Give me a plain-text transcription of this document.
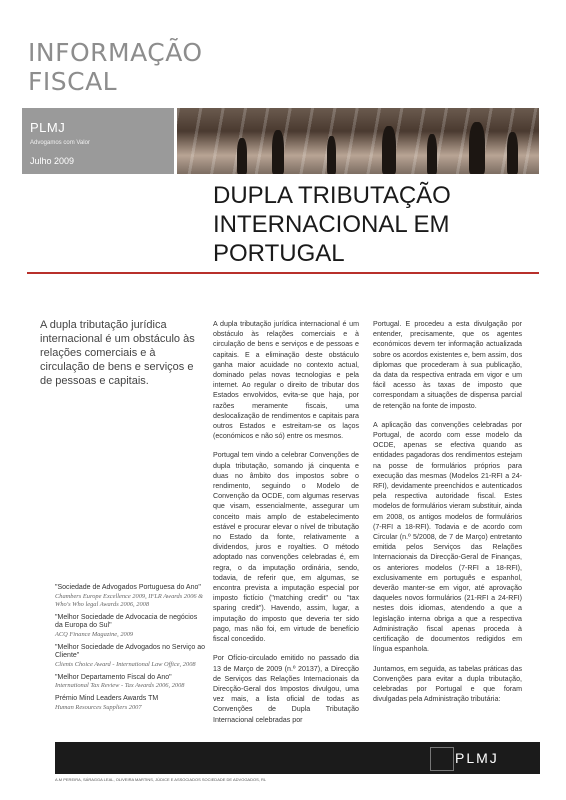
INFORMAÇÃO
FISCAL
PLMJ
Advogamos com Valor
Julho 2009
DUPLA TRIBUTAÇÃO INTERNACIONAL EM PORTUGAL
A dupla tributação jurídica internacional é um obstáculo às relações comerciais e à circulação de bens e serviços e de pessoas e capitais.

A dupla tributação jurídica internacional é um obstáculo às relações comerciais e à circulação de bens e serviços e de pessoas e capitais. E a eliminação deste obstáculo ganha maior acuidade no contexto actual, dominado pelas novas tecnologias e pela internet. Ao regular o direito de tributar dos Estados envolvidos, evita-se que haja, por razões meramente fiscais, uma deslocalização de rendimentos e capitais para outros Estados e estreitam-se os laços (económicos e não só) entre os mesmos.

Portugal tem vindo a celebrar Convenções de dupla tributação, somando já cinquenta e duas no âmbito dos impostos sobre o rendimento, seguindo o Modelo de Convenção da OCDE, com algumas reservas que visam, essencialmente, assegurar um conceito mais amplo de estabelecimento estável e procurar elevar o nível de tributação no Estado da fonte, relativamente a dividendos, juros e royalties. O método adoptado nas convenções celebradas é, em regra, o da imputação ordinária, sendo, todavia, de referir que, em algumas, se encontra prevista a imputação especial por imposto fictício ("matching credit" ou "tax sparing credit"). Havendo, assim, lugar, a imputação do imposto que deveria ter sido pago, mas não foi, em virtude de benefício fiscal concedido.

Por Ofício-circulado emitido no passado dia 13 de Março de 2009 (n.º 20137), a Direcção de Serviços das Relações Internacionais da Direcção-Geral dos Impostos divulgou, uma vez mais, a lista oficial de todas as Convenções de Dupla Tributação Internacional celebradas por

Portugal. E procedeu a esta divulgação por entender, precisamente, que os agentes económicos devem ter informação actualizada sobre os acordos existentes e, bem assim, dos diplomas que procederam à sua publicação, da data da respectiva entrada em vigor e um fácil acesso às taxas de imposto que correspondam a situações de dispensa parcial de retenção na fonte de imposto.

A aplicação das convenções celebradas por Portugal, de acordo com esse modelo da OCDE, apenas se efectiva quando as entidades pagadoras dos rendimentos estejam na posse de formulários próprios para execução das mesmas (Modelos 21-RFI a 24-RFI), devidamente preenchidos e autenticados pela respectiva autoridade fiscal. Estes modelos de formulários vieram substituir, ainda em 2008, os antigos modelos de formulários (7-RFI a 18-RFI). Todavia e de acordo com Circular (n.º 5/2008, de 7 de Março) entretanto emitida pelos Serviços das Relações Internacionais da Direcção-Geral de Finanças, os anteriores modelos (7-RFI a 18-RFI), exclusivamente em português e espanhol, deverão manter-se em vigor, até aprovação daqueles novos formulários (21-RFI a 24-RFI) nestes dois idiomas, atendendo a que a legislação interna obriga a que a respectiva Administração fiscal apenas proceda à certificação de documentos redigidos em língua espanhola.

Juntamos, em seguida, as tabelas práticas das Convenções para evitar a dupla tributação, celebradas por Portugal e que foram divulgadas pela Administração tributária:

"Sociedade de Advogados Portuguesa do Ano"
Chambers Europe Excellence 2009, IFLR Awards 2006 & Who's Who legal Awards 2006, 2008
"Melhor Sociedade de Advocacia de negócios da Europa do Sul"
ACQ Finance Magazine, 2009
"Melhor Sociedade de Advogados no Serviço ao Cliente"
Clients Choice Award - International Law Office, 2008
"Melhor Departamento Fiscal do Ano"
International Tax Review - Tax Awards 2006, 2008
Prémio Mind Leaders Awards TM
Human Resources Suppliers 2007
PLMJ
A.M PEREIRA, SÁRAGGA LEAL, OLIVEIRA MARTINS, JÚDICE E ASSOCIADOS SOCIEDADE DE ADVOGADOS, RL
